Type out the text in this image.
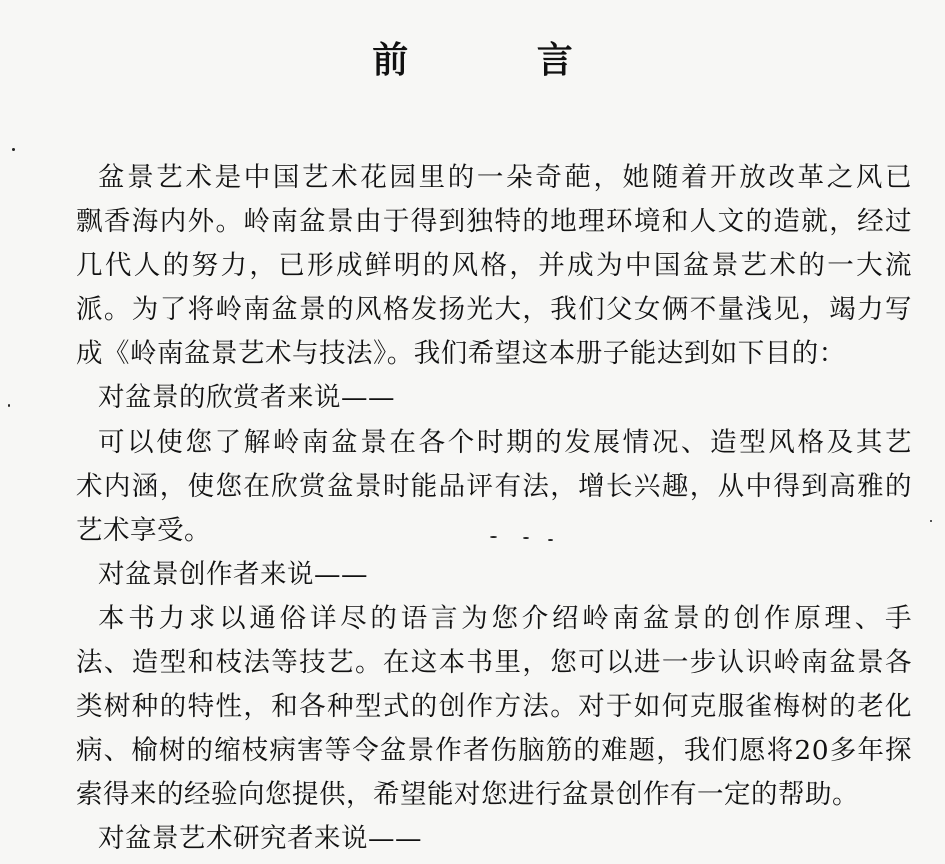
前 言
盆景艺术是中国艺术花园里的一朵奇葩，她随着开放改革之风已
飘香海内外。岭南盆景由于得到独特的地理环境和人文的造就，经过
几代人的努力，已形成鲜明的风格，并成为中国盆景艺术的一大流
派。为了将岭南盆景的风格发扬光大，我们父女俩不量浅见，竭力写
成《岭南盆景艺术与技法》。我们希望这本册子能达到如下目的：
对盆景的欣赏者来说——
可以使您了解岭南盆景在各个时期的发展情况、造型风格及其艺
术内涵，使您在欣赏盆景时能品评有法，增长兴趣，从中得到高雅的
艺术享受。
对盆景创作者来说——
本书力求以通俗详尽的语言为您介绍岭南盆景的创作原理、手
法、造型和枝法等技艺。在这本书里，您可以进一步认识岭南盆景各
类树种的特性，和各种型式的创作方法。对于如何克服雀梅树的老化
病、榆树的缩枝病害等令盆景作者伤脑筋的难题，我们愿将20多年探
索得来的经验向您提供，希望能对您进行盆景创作有一定的帮助。
对盆景艺术研究者来说——
